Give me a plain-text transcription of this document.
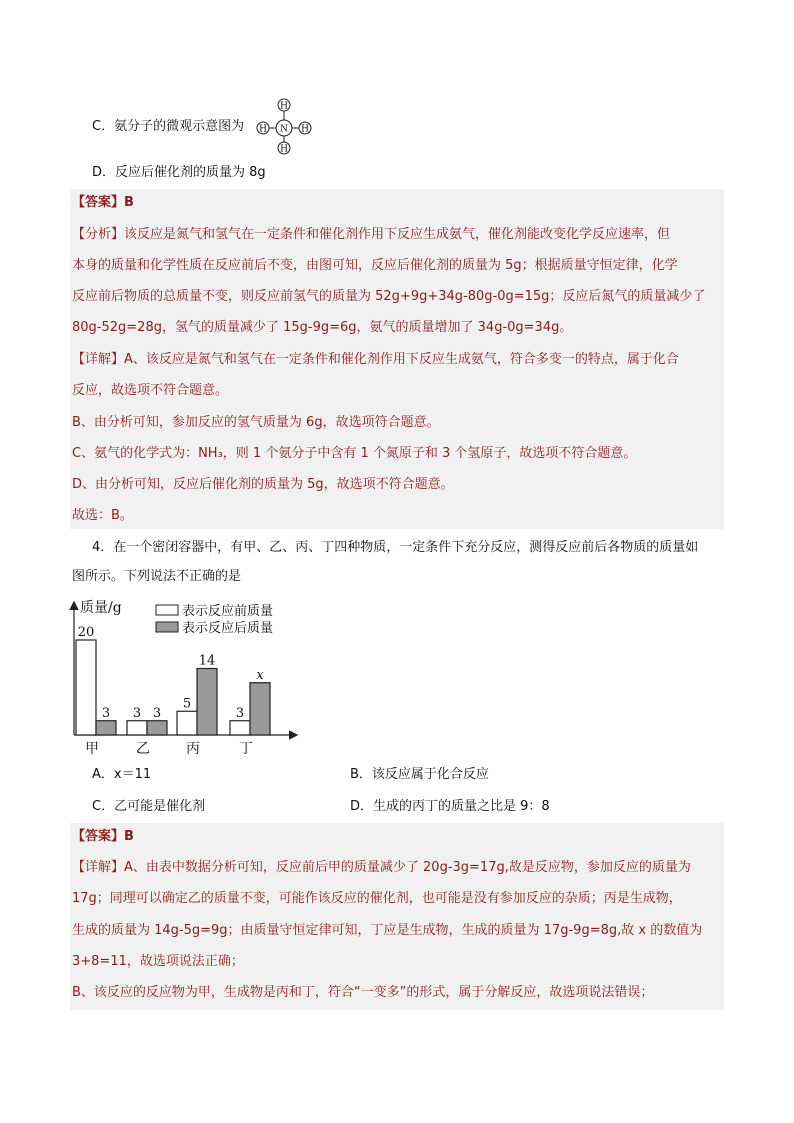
C．氨分子的微观示意图为	N
H
H
H	H
D．反应后催化剂的质量为 8g
【答案】B
【分析】该反应是氮气和氢气在一定条件和催化剂作用下反应生成氨气，催化剂能改变化学反应速率，但
本身的质量和化学性质在反应前后不变，由图可知，反应后催化剂的质量为 5g；根据质量守恒定律，化学
反应前后物质的总质量不变，则反应前氢气的质量为 52g+9g+34g-80g-0g=15g；反应后氮气的质量减少了
80g-52g=28g，氢气的质量减少了 15g-9g=6g，氨气的质量增加了 34g-0g=34g。
【详解】A、该反应是氮气和氢气在一定条件和催化剂作用下反应生成氨气，符合多变一的特点，属于化合
反应，故选项不符合题意。
B、由分析可知，参加反应的氢气质量为 6g，故选项符合题意。
C、氨气的化学式为：NH₃，则 1 个氨分子中含有 1 个氮原子和 3 个氢原子，故选项不符合题意。
D、由分析可知，反应后催化剂的质量为 5g，故选项不符合题意。
故选：B。
4．在一个密闭容器中，有甲、乙、丙、丁四种物质，一定条件下充分反应，测得反应前后各物质的质量如
图所示。下列说法不正确的是
质量/g	表示反应前质量
表示反应后质量
20
3
甲
3 3
乙
5
14
丙
3
x
丁
A．x＝11	B．该反应属于化合反应
C．乙可能是催化剂	D．生成的丙丁的质量之比是 9：8
【答案】B
【详解】A、由表中数据分析可知，反应前后甲的质量减少了 20g-3g=17g,故是反应物，参加反应的质量为
17g；同理可以确定乙的质量不变，可能作该反应的催化剂，也可能是没有参加反应的杂质；丙是生成物，
生成的质量为 14g-5g=9g；由质量守恒定律可知，丁应是生成物，生成的质量为 17g-9g=8g,故 x 的数值为
3+8=11，故选项说法正确；
B、该反应的反应物为甲，生成物是丙和丁，符合“一变多”的形式，属于分解反应，故选项说法错误；
